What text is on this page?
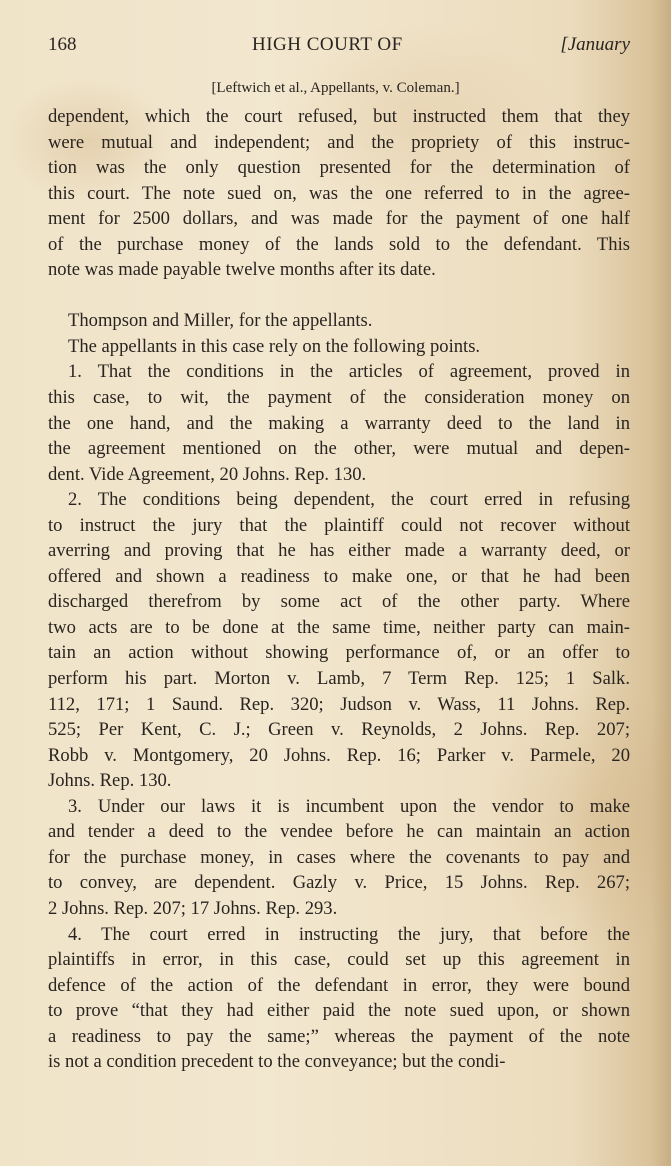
168	HIGH COURT OF	[January
[Leftwich et al., Appellants, v. Coleman.]
dependent, which the court refused, but instructed them that they
were mutual and independent; and the propriety of this instruc-
tion was the only question presented for the determination of
this court. The note sued on, was the one referred to in the agree-
ment for 2500 dollars, and was made for the payment of one half
of the purchase money of the lands sold to the defendant. This
note was made payable twelve months after its date.
Thompson and Miller, for the appellants.
The appellants in this case rely on the following points.
1. That the conditions in the articles of agreement, proved in
this case, to wit, the payment of the consideration money on
the one hand, and the making a warranty deed to the land in
the agreement mentioned on the other, were mutual and depen-
dent. Vide Agreement, 20 Johns. Rep. 130.
2. The conditions being dependent, the court erred in refusing
to instruct the jury that the plaintiff could not recover without
averring and proving that he has either made a warranty deed, or
offered and shown a readiness to make one, or that he had been
discharged therefrom by some act of the other party. Where
two acts are to be done at the same time, neither party can main-
tain an action without showing performance of, or an offer to
perform his part. Morton v. Lamb, 7 Term Rep. 125; 1 Salk.
112, 171; 1 Saund. Rep. 320; Judson v. Wass, 11 Johns. Rep.
525; Per Kent, C. J.; Green v. Reynolds, 2 Johns. Rep. 207;
Robb v. Montgomery, 20 Johns. Rep. 16; Parker v. Parmele, 20
Johns. Rep. 130.
3. Under our laws it is incumbent upon the vendor to make
and tender a deed to the vendee before he can maintain an action
for the purchase money, in cases where the covenants to pay and
to convey, are dependent. Gazly v. Price, 15 Johns. Rep. 267;
2 Johns. Rep. 207; 17 Johns. Rep. 293.
4. The court erred in instructing the jury, that before the
plaintiffs in error, in this case, could set up this agreement in
defence of the action of the defendant in error, they were bound
to prove “that they had either paid the note sued upon, or shown
a readiness to pay the same;” whereas the payment of the note
is not a condition precedent to the conveyance; but the condi-
